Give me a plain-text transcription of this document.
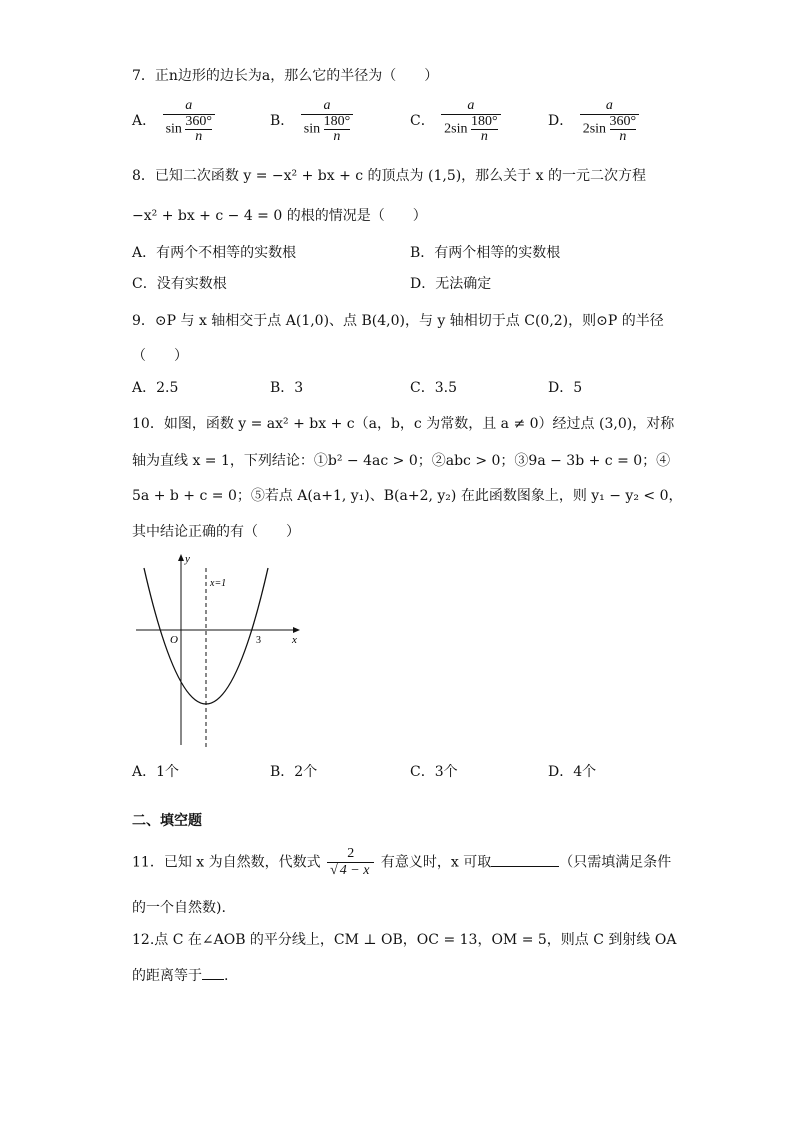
7．正n边形的边长为a，那么它的半径为（　　）
A． $\frac{a}{\sin \frac{360^\circ}{n}}$	B． $\frac{a}{\sin \frac{180^\circ}{n}}$	C． $\frac{a}{2\sin \frac{180^\circ}{n}}$	D． $\frac{a}{2\sin \frac{360^\circ}{n}}$
8．已知二次函数 y = −x² + bx + c 的顶点为 (1,5)，那么关于 x 的一元二次方程
−x² + bx + c − 4 = 0 的根的情况是（　　）
A．有两个不相等的实数根	B．有两个相等的实数根
C．没有实数根	D．无法确定
9．⊙P 与 x 轴相交于点 A(1,0)、点 B(4,0)，与 y 轴相切于点 C(0,2)，则⊙P 的半径
（　　）
A．2.5	B．3	C．3.5	D．5
10．如图，函数 y = ax² + bx + c（a，b，c 为常数，且 a ≠ 0）经过点 (3,0)，对称
轴为直线 x = 1，下列结论：①b² − 4ac > 0；②abc > 0；③9a − 3b + c = 0；④
5a + b + c = 0；⑤若点 A(a+1, y₁)、B(a+2, y₂) 在此函数图象上，则 y₁ − y₂ < 0，
其中结论正确的有（　　）
y
x
O
x=1
3
A．1个	B．2个	C．3个	D．4个
二、填空题
11．已知 x 为自然数，代数式 $\frac{2}{√ 4 - x}$ 有意义时，x 可取	（只需填满足条件
的一个自然数).
12.点 C 在∠AOB 的平分线上，CM ⊥ OB，OC = 13，OM = 5，则点 C 到射线 OA
的距离等于 .
